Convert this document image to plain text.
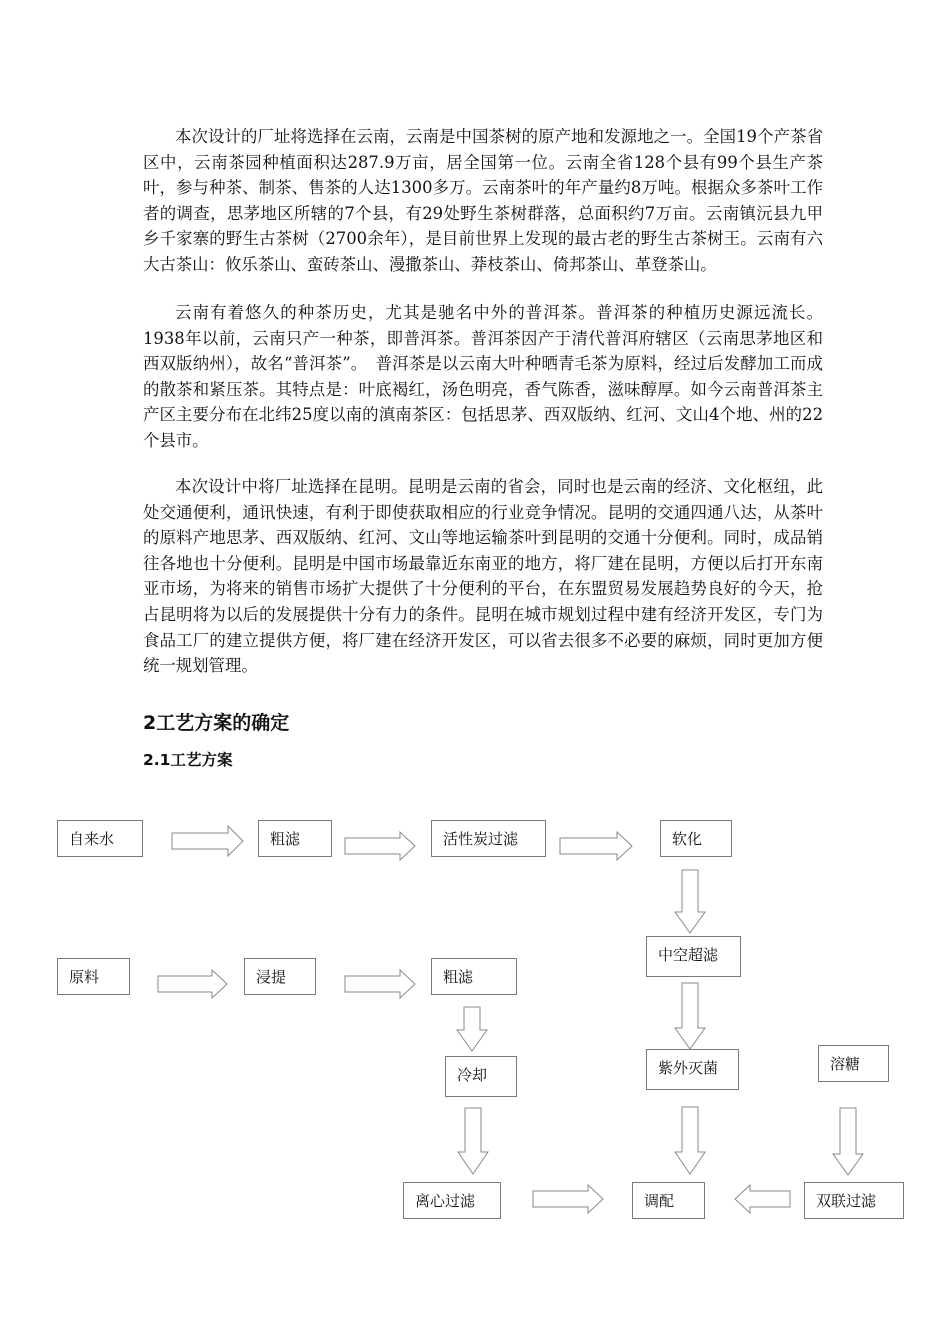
本次设计的厂址将选择在云南，云南是中国茶树的原产地和发源地之一。全国19个产茶省区中，云南茶园种植面积达287.9万亩，居全国第一位。云南全省128个县有99个县生产茶叶，参与种茶、制茶、售茶的人达1300多万。云南茶叶的年产量约8万吨。根据众多茶叶工作者的调查，思茅地区所辖的7个县，有29处野生茶树群落，总面积约7万亩。云南镇沅县九甲乡千家寨的野生古茶树（2700余年），是目前世界上发现的最古老的野生古茶树王。云南有六大古茶山：攸乐茶山、蛮砖茶山、漫撒茶山、莽枝茶山、倚邦茶山、革登茶山。

云南有着悠久的种茶历史，尤其是驰名中外的普洱茶。普洱茶的种植历史源远流长。1938年以前，云南只产一种茶，即普洱茶。普洱茶因产于清代普洱府辖区（云南思茅地区和西双版纳州），故名“普洱茶”。　普洱茶是以云南大叶种晒青毛茶为原料，经过后发酵加工而成的散茶和紧压茶。其特点是：叶底褐红，汤色明亮，香气陈香，滋味醇厚。如今云南普洱茶主产区主要分布在北纬25度以南的滇南茶区：包括思茅、西双版纳、红河、文山4个地、州的22个县市。

本次设计中将厂址选择在昆明。昆明是云南的省会，同时也是云南的经济、文化枢纽，此处交通便利，通讯快速，有利于即使获取相应的行业竞争情况。昆明的交通四通八达，从茶叶的原料产地思茅、西双版纳、红河、文山等地运输茶叶到昆明的交通十分便利。同时，成品销往各地也十分便利。昆明是中国市场最靠近东南亚的地方，将厂建在昆明，方便以后打开东南亚市场，为将来的销售市场扩大提供了十分便利的平台，在东盟贸易发展趋势良好的今天，抢占昆明将为以后的发展提供十分有力的条件。昆明在城市规划过程中建有经济开发区，专门为食品工厂的建立提供方便，将厂建在经济开发区，可以省去很多不必要的麻烦，同时更加方便统一规划管理。

2工艺方案的确定
2.1工艺方案
自来水	粗滤	活性炭过滤	软化
中空超滤
原料	浸提	粗滤
冷却	紫外灭菌	溶糖
离心过滤	调配	双联过滤
